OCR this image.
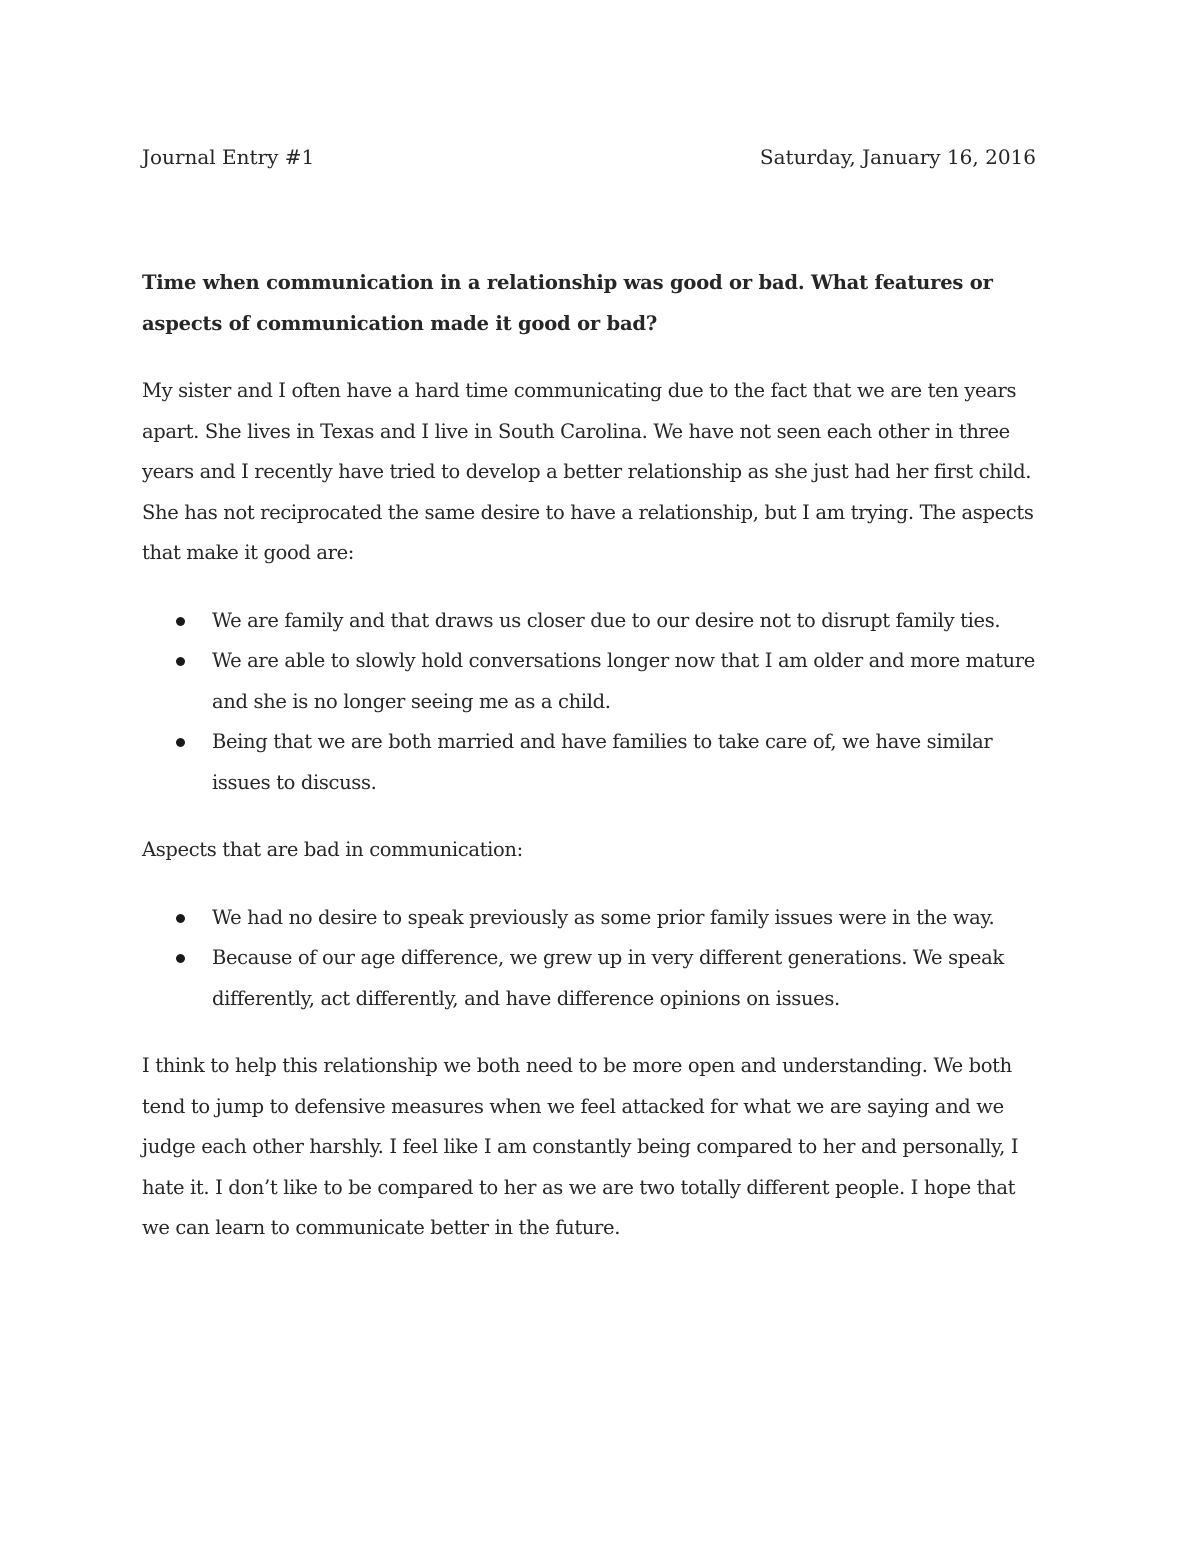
Journal Entry #1	Saturday, January 16, 2016

Time when communication in a relationship was good or bad. What features or aspects of communication made it good or bad?

My sister and I often have a hard time communicating due to the fact that we are ten years apart. She lives in Texas and I live in South Carolina. We have not seen each other in three years and I recently have tried to develop a better relationship as she just had her first child. She has not reciprocated the same desire to have a relationship, but I am trying. The aspects that make it good are:

We are family and that draws us closer due to our desire not to disrupt family ties.
We are able to slowly hold conversations longer now that I am older and more mature and she is no longer seeing me as a child.
Being that we are both married and have families to take care of, we have similar issues to discuss.

Aspects that are bad in communication:

We had no desire to speak previously as some prior family issues were in the way.
Because of our age difference, we grew up in very different generations. We speak differently, act differently, and have difference opinions on issues.

I think to help this relationship we both need to be more open and understanding. We both tend to jump to defensive measures when we feel attacked for what we are saying and we judge each other harshly. I feel like I am constantly being compared to her and personally, I hate it. I don’t like to be compared to her as we are two totally different people. I hope that we can learn to communicate better in the future.
